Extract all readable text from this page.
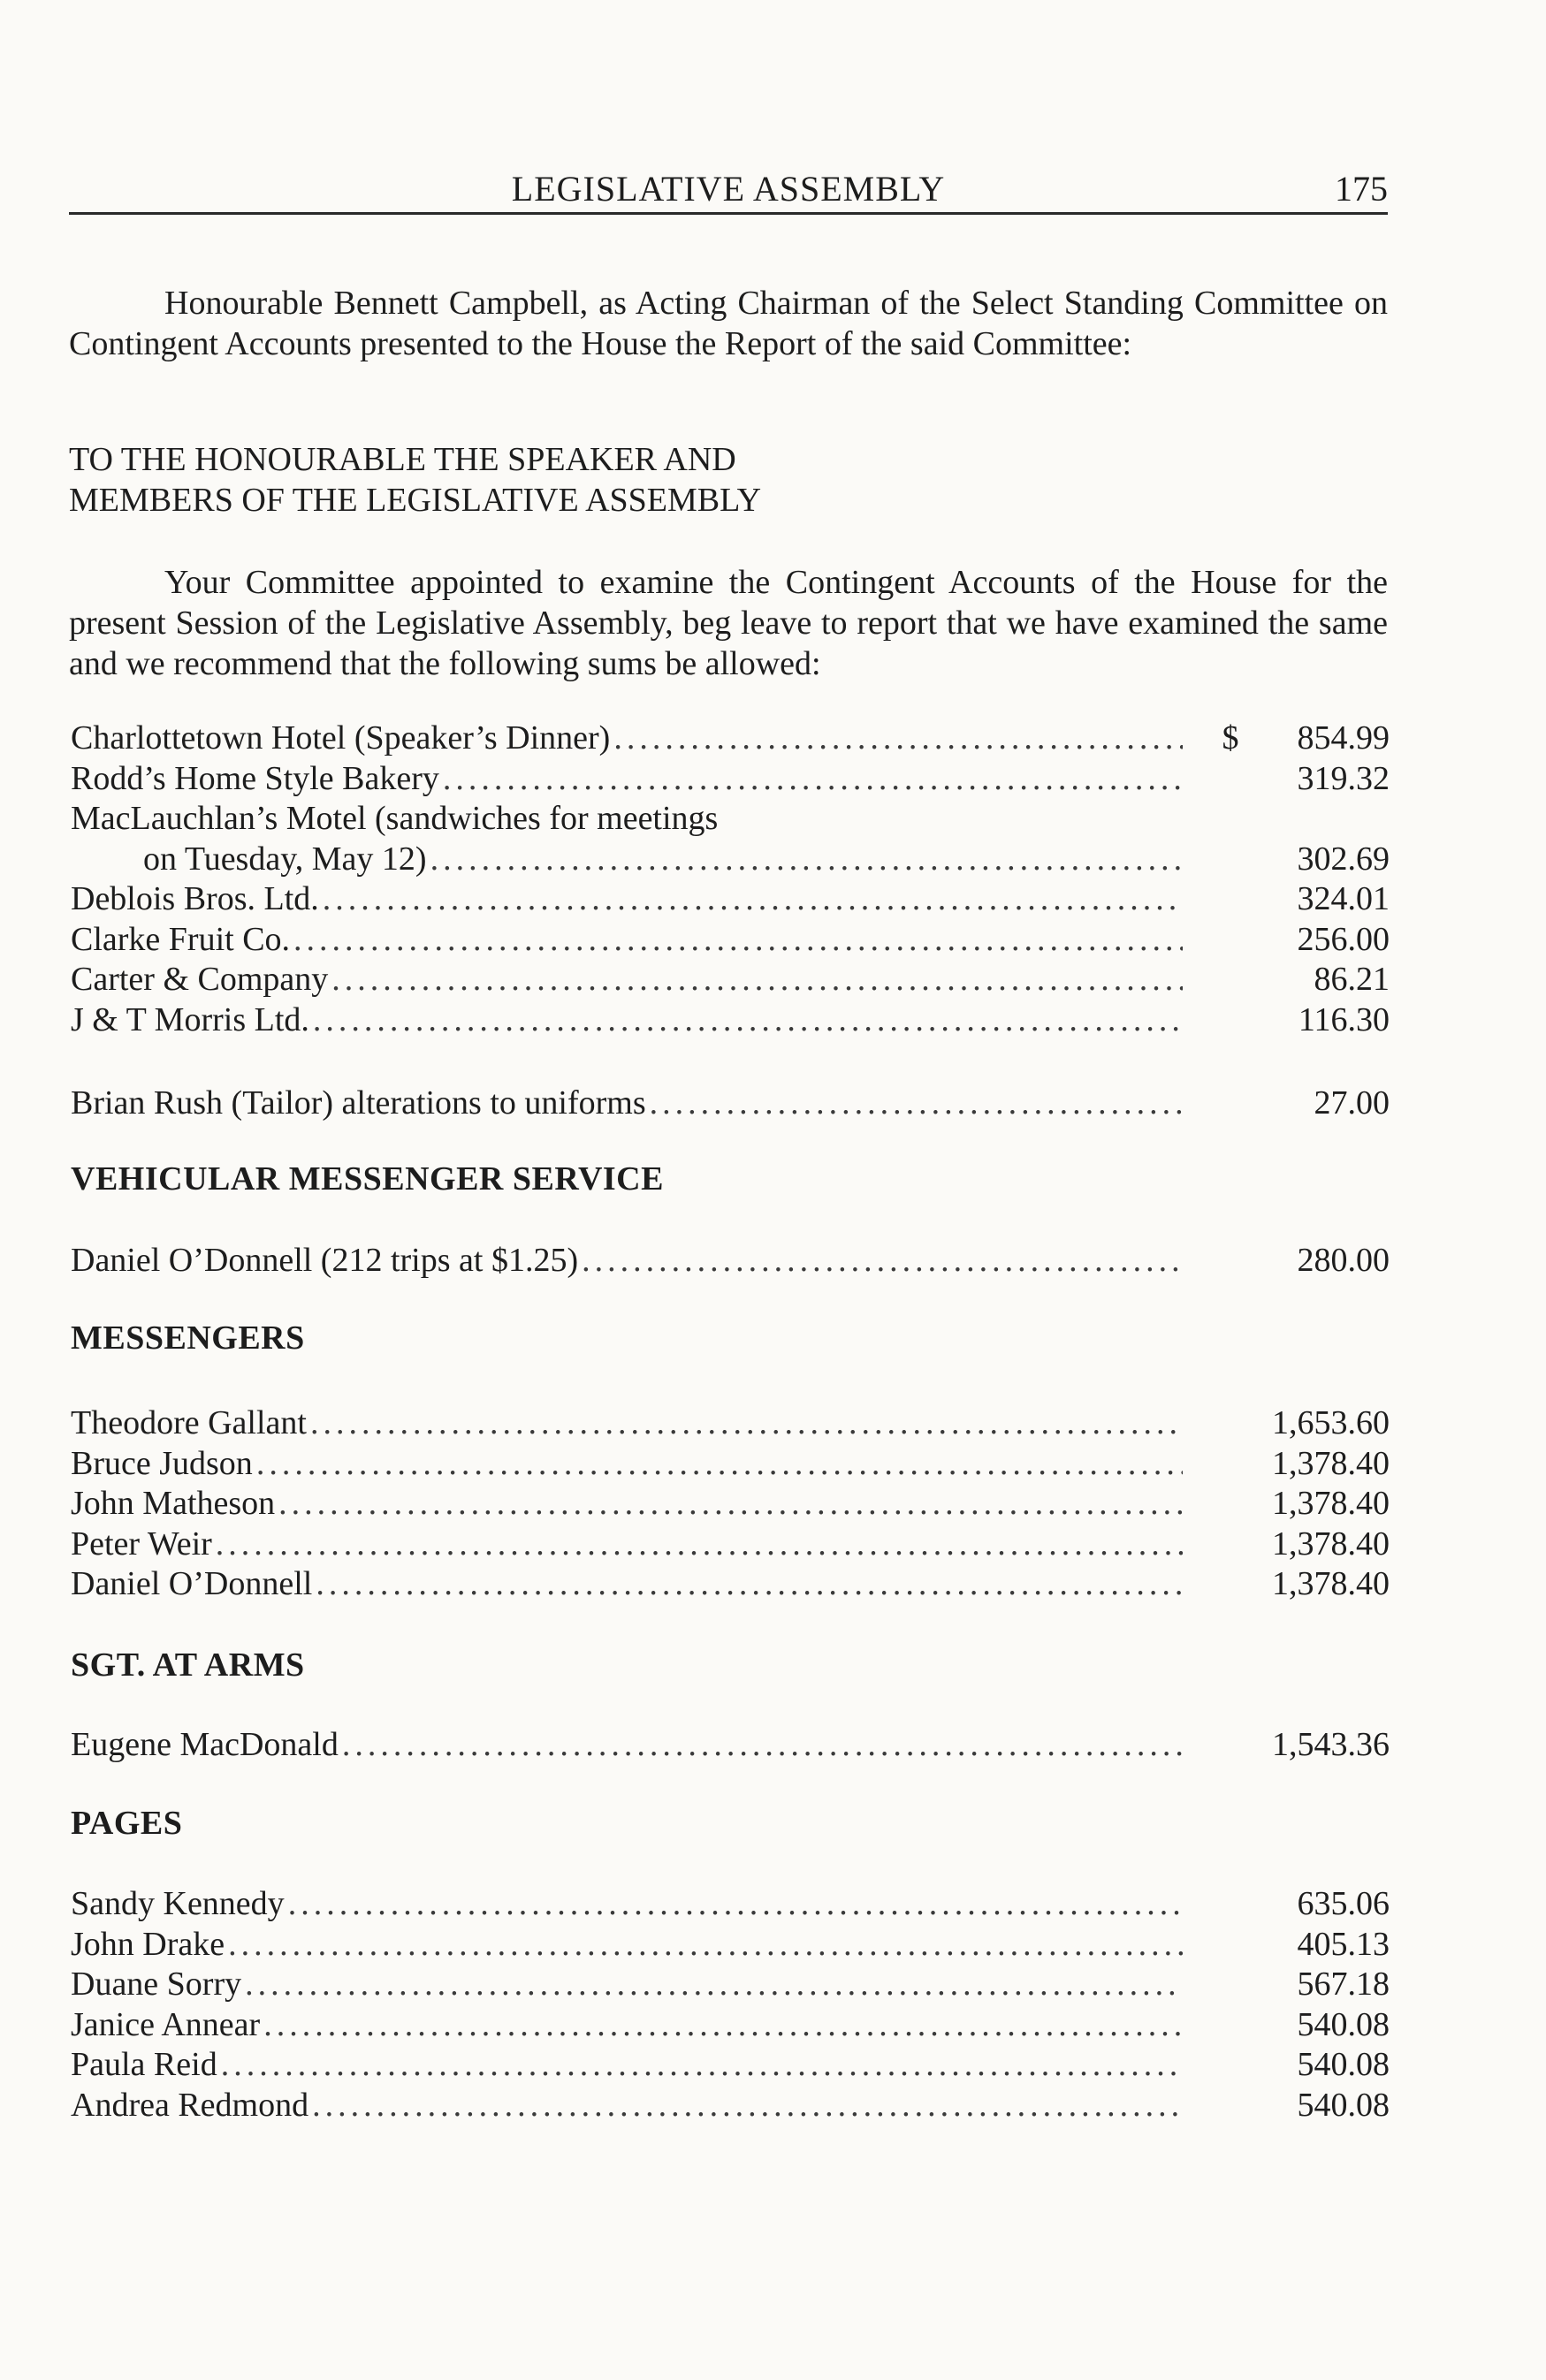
LEGISLATIVE ASSEMBLY	175

Honourable Bennett Campbell, as Acting Chairman of the Select Standing Committee on Contingent Accounts presented to the House the Report of the said Committee:

TO THE HONOURABLE THE SPEAKER AND
MEMBERS OF THE LEGISLATIVE ASSEMBLY

Your Committee appointed to examine the Contingent Accounts of the House for the present Session of the Legislative Assembly, beg leave to report that we have examined the same and we recommend that the following sums be allowed:

Charlottetown Hotel (Speaker’s Dinner) .....	$	854.99
Rodd’s Home Style Bakery .....	319.32
MacLauchlan’s Motel (sandwiches for meetings
on Tuesday, May 12) .....	302.69
Deblois Bros. Ltd. .....	324.01
Clarke Fruit Co. .....	256.00
Carter & Company .....	86.21
J & T Morris Ltd. .....	116.30
Brian Rush (Tailor) alterations to uniforms .....	27.00
VEHICULAR MESSENGER SERVICE
Daniel O’Donnell (212 trips at $1.25) .....	280.00
MESSENGERS
Theodore Gallant .....	1,653.60
Bruce Judson .....	1,378.40
John Matheson .....	1,378.40
Peter Weir .....	1,378.40
Daniel O’Donnell .....	1,378.40
SGT. AT ARMS
Eugene MacDonald .....	1,543.36
PAGES
Sandy Kennedy .....	635.06
John Drake .....	405.13
Duane Sorry .....	567.18
Janice Annear .....	540.08
Paula Reid .....	540.08
Andrea Redmond .....	540.08
